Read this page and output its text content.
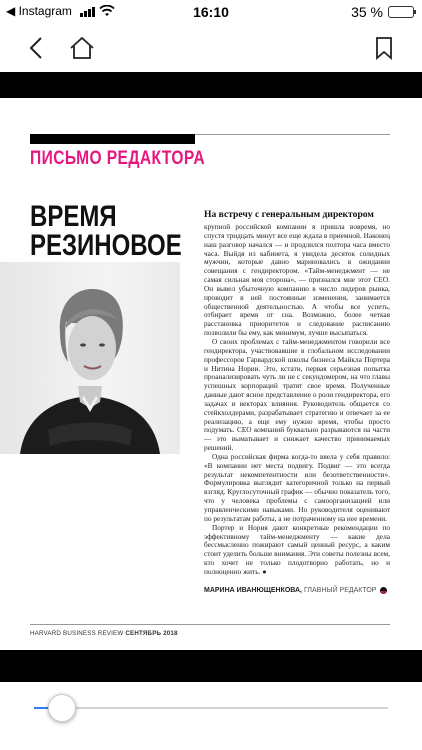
◀ Instagram	16:10	35 %
ПИСЬМО РЕДАКТОРА
ВРЕМЯ
РЕЗИНОВОЕ
На встречу с генеральным директором

крупной российской компании я пришла вовремя, но спустя тридцать минут все еще ждала в приемной. Наконец наш разговор начался — и продлился полтора часа вместо часа. Выйдя из кабинета, я увидела десяток солидных мужчин, которые давно мариновались в ожидании совещания с гендиректором. «Тайм-менеджмент — не самая сильная моя сторона», — признался мне этот CEO. Он вывел убыточную компанию в число лидеров рынка, проводит в ней постоянные изменения, занимается общественной деятельностью. А чтобы все успеть, отбирает время от сна. Возможно, более четкая расстановка приоритетов и следование расписанию позволили бы ему, как минимум, лучше высыпаться.

О своих проблемах с тайм-менеджментом говорили все гендиректора, участвовавшие в глобальном исследовании профессоров Гарвардской школы бизнеса Майкла Портера и Нитина Нории. Это, кстати, первая серьезная попытка проанализировать чуть ли не с секундомером, на что главы успешных корпораций тратят свое время. Полученные данные дают ясное представление о роли гендиректора, его задачах и векторах влияния. Руководитель общается со стейкхолдерами, разрабатывает стратегию и отвечает за ее реализацию, а еще ему нужно время, чтобы просто подумать. CEO компаний буквально разрываются на части — это выматывает и снижает качество принимаемых решений.

Одна российская фирма когда-то ввела у себя правило: «В компании нет места подвигу. Подвиг — это всегда результат некомпетентности или безответственности». Формулировка выглядит категоричной только на первый взгляд. Круглосуточный график — обычно показатель того, что у человека проблемы с самоорганизацией или управленческими навыками. Но руководителя оценивают по результатам работы, а не потраченному на нее времени.

Портер и Нория дают конкретные рекомендации по эффективному тайм-менеджменту — какие дела бессмысленно пожирают самый ценный ресурс, а каким стоит уделить больше внимания. Эти советы полезны всем, кто хочет не только плодотворно работать, но и полноценно жить. ●

МАРИНА ИВАНЮЩЕНКОВА, ГЛАВНЫЙ РЕДАКТОР
HARVARD BUSINESS REVIEW СЕНТЯБРЬ 2018
